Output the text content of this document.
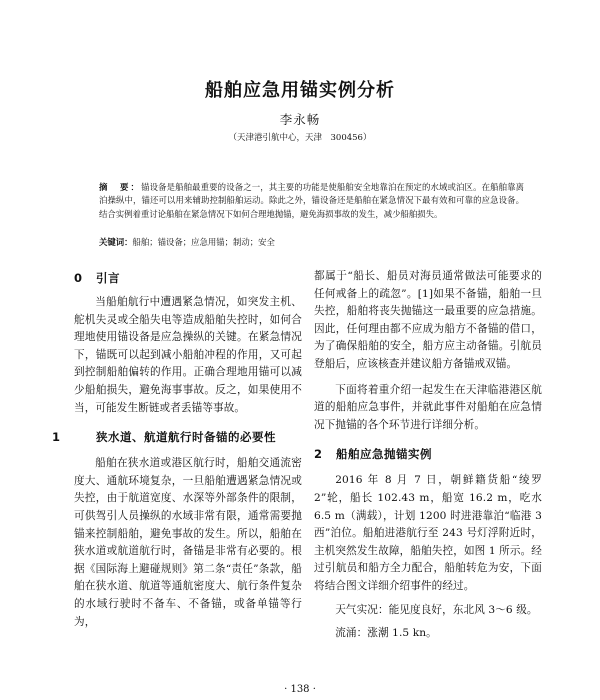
船舶应急用锚实例分析
李永畅
（天津港引航中心，天津　300456）

摘　要：锚设备是船舶最重要的设备之一，其主要的功能是使船舶安全地靠泊在预定的水域或泊区。在船舶靠离泊操纵中，锚还可以用来辅助控制船舶运动。除此之外，锚设备还是船舶在紧急情况下最有效和可靠的应急设备。结合实例着重讨论船舶在紧急情况下如何合理地抛锚，避免海损事故的发生，减少船舶损失。

关键词：船舶；锚设备；应急用锚；制动；安全

0 引言

当船舶航行中遭遇紧急情况，如突发主机、舵机失灵或全船失电等造成船舶失控时，如何合理地使用锚设备是应急操纵的关键。在紧急情况下，锚既可以起到减小船舶冲程的作用，又可起到控制船舶偏转的作用。正确合理地用锚可以减少船舶损失，避免海事事故。反之，如果使用不当，可能发生断链或者丢锚等事故。

1	狭水道、航道航行时备锚的必要性

船舶在狭水道或港区航行时，船舶交通流密度大、通航环境复杂，一旦船舶遭遇紧急情况或失控，由于航道宽度、水深等外部条件的限制，可供驾引人员操纵的水域非常有限，通常需要抛锚来控制船舶，避免事故的发生。所以，船舶在狭水道或航道航行时，备锚是非常有必要的。根据《国际海上避碰规则》第二条“责任”条款，船舶在狭水道、航道等通航密度大、航行条件复杂的水域行驶时不备车、不备锚，或备单锚等行为，

都属于“船长、船员对海员通常做法可能要求的任何戒备上的疏忽”。[1]如果不备锚，船舶一旦失控，船舶将丧失抛锚这一最重要的应急措施。因此，任何理由都不应成为船方不备锚的借口，为了确保船舶的安全，船方应主动备锚。引航员登船后，应该核查并建议船方备锚戒双锚。

下面将着重介绍一起发生在天津临港港区航道的船舶应急事件，并就此事件对船舶在应急情况下抛锚的各个环节进行详细分析。

2 船舶应急抛锚实例

2016 年 8 月 7 日，朝鲜籍货船“绫罗 2”轮，船长 102.43 m，船宽 16.2 m，吃水 6.5 m（满载），计划 1200 时进港靠泊“临港 3 西”泊位。船舶进港航行至 243 号灯浮附近时，主机突然发生故障，船舶失控，如图 1 所示。经过引航员和船方全力配合，船舶转危为安，下面将结合图文详细介绍事件的经过。

天气实况：能见度良好，东北风 3～6 级。

流涌：涨潮 1.5 kn。

· 138 ·
